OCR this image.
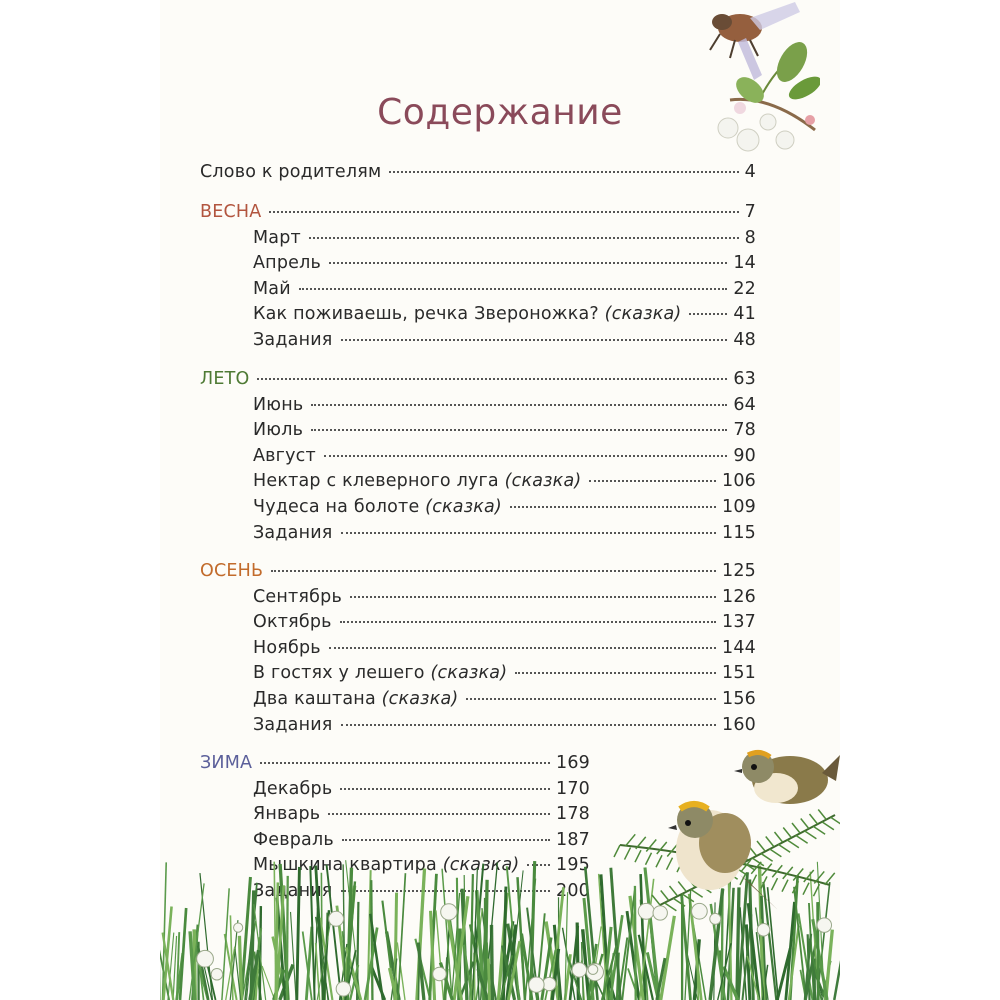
Содержание
Слово к родителям	4
ВЕСНА	7
Март	8
Апрель	14
Май	22
Как поживаешь, речка Звероножка? (сказка)	41
Задания	48
ЛЕТО	63
Июнь	64
Июль	78
Август	90
Нектар с клеверного луга (сказка)	106
Чудеса на болоте (сказка)	109
Задания	115
ОСЕНЬ	125
Сентябрь	126
Октябрь	137
Ноябрь	144
В гостях у лешего (сказка)	151
Два каштана (сказка)	156
Задания	160
ЗИМА	169
Декабрь	170
Январь	178
Февраль	187
Мышкина квартира (сказка) 195
Задания	200
